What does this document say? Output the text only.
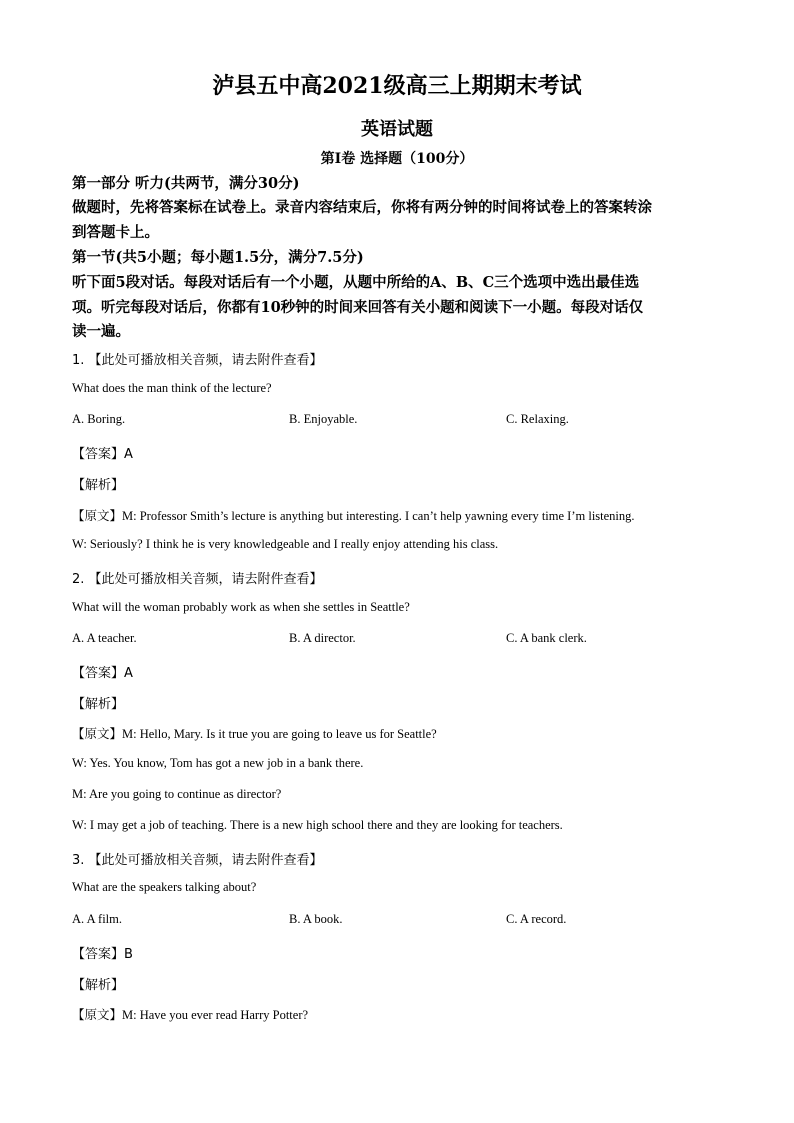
泸县五中高2021级高三上期期末考试
英语试题
第I卷 选择题（100分）
第一部分 听力(共两节，满分30分)
做题时，先将答案标在试卷上。录音内容结束后，你将有两分钟的时间将试卷上的答案转涂
到答题卡上。
第一节(共5小题；每小题1.5分，满分7.5分)
听下面5段对话。每段对话后有一个小题，从题中所给的A、B、C三个选项中选出最佳选
项。听完每段对话后，你都有10秒钟的时间来回答有关小题和阅读下一小题。每段对话仅
读一遍。
1. 【此处可播放相关音频，请去附件查看】
What does the man think of the lecture?
A. Boring.	B. Enjoyable.	C. Relaxing.
【答案】A
【解析】
【原文】M: Professor Smith’s lecture is anything but interesting. I can’t help yawning every time I’m listening.
W: Seriously? I think he is very knowledgeable and I really enjoy attending his class.
2. 【此处可播放相关音频，请去附件查看】
What will the woman probably work as when she settles in Seattle?
A. A teacher.	B. A director.	C. A bank clerk.
【答案】A
【解析】
【原文】M: Hello, Mary. Is it true you are going to leave us for Seattle?
W: Yes. You know, Tom has got a new job in a bank there.
M: Are you going to continue as director?
W: I may get a job of teaching. There is a new high school there and they are looking for teachers.
3. 【此处可播放相关音频，请去附件查看】
What are the speakers talking about?
A. A film.	B. A book.	C. A record.
【答案】B
【解析】
【原文】M: Have you ever read Harry Potter?
